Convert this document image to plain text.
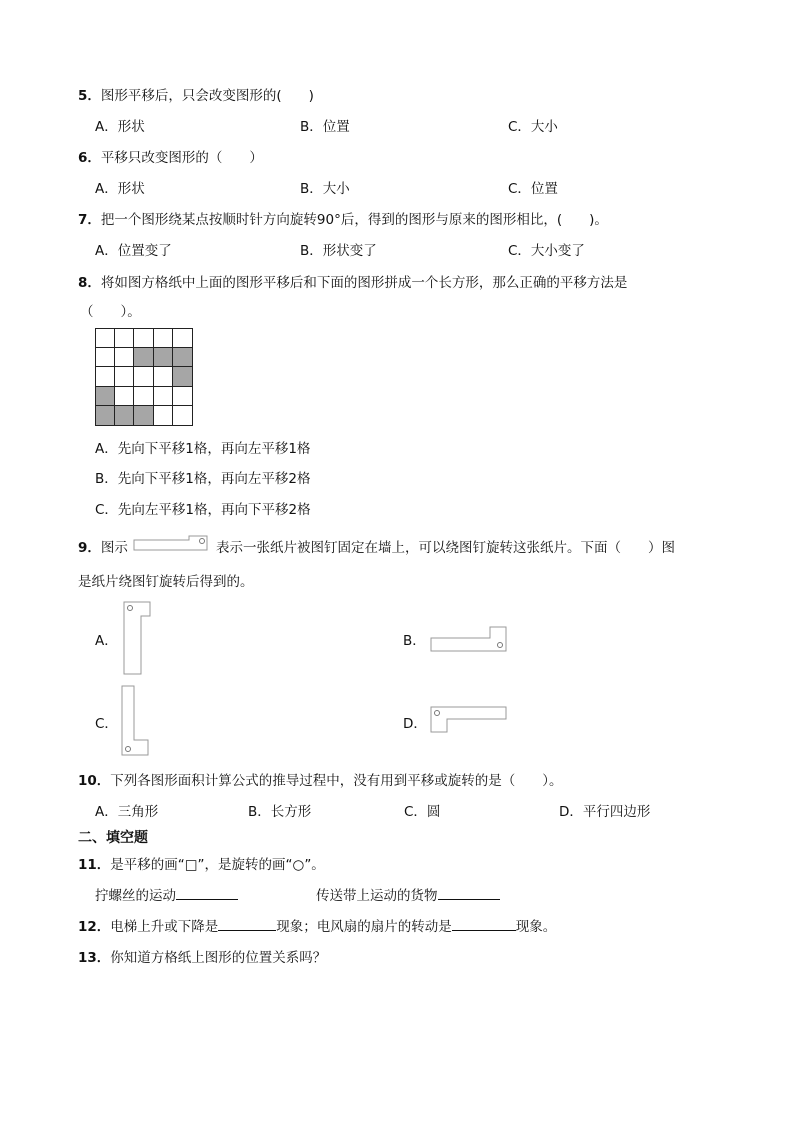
5．图形平移后，只会改变图形的(　　)
A．形状	B．位置	C．大小
6．平移只改变图形的（　　）
A．形状	B．大小	C．位置
7．把一个图形绕某点按顺时针方向旋转90°后，得到的图形与原来的图形相比，(　　)。
A．位置变了	B．形状变了	C．大小变了
8．将如图方格纸中上面的图形平移后和下面的图形拼成一个长方形，那么正确的平移方法是
（　　）。
A．先向下平移1格，再向左平移1格
B．先向下平移1格，再向左平移2格
C．先向左平移1格，再向下平移2格
9．图示	表示一张纸片被图钉固定在墙上，可以绕图钉旋转这张纸片。下面（　　）图
是纸片绕图钉旋转后得到的。
A．	B．
C．	D．
10．下列各图形面积计算公式的推导过程中，没有用到平移或旋转的是（　　）。
A．三角形	B．长方形	C．圆	D．平行四边形
二、填空题
11．是平移的画“□”，是旋转的画“○”。
拧螺丝的运动	传送带上运动的货物
12．电梯上升或下降是	现象；电风扇的扇片的转动是	现象。
13．你知道方格纸上图形的位置关系吗？
